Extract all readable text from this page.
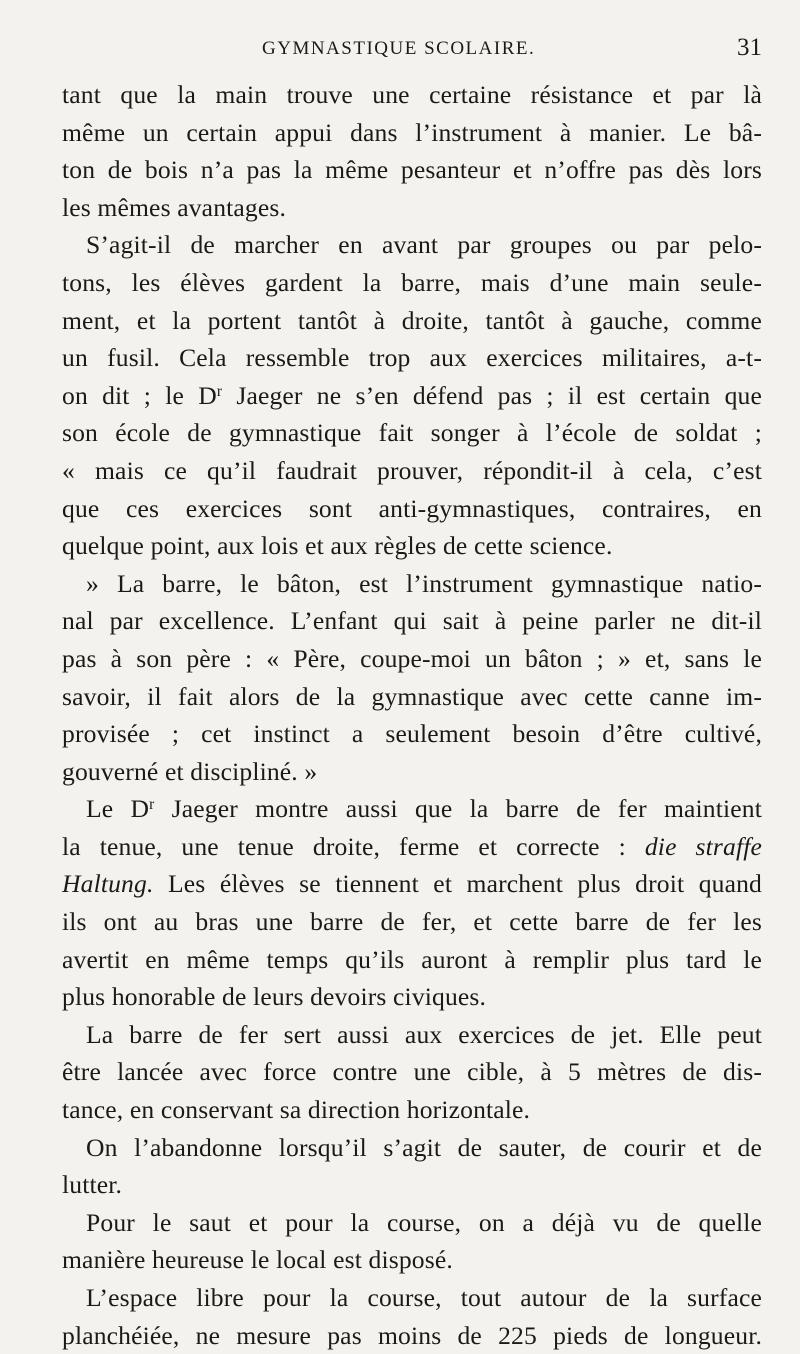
GYMNASTIQUE SCOLAIRE.	31
tant que la main trouve une certaine résistance et par là
même un certain appui dans l’instrument à manier. Le bâ-
ton de bois n’a pas la même pesanteur et n’offre pas dès lors
les mêmes avantages.
S’agit-il de marcher en avant par groupes ou par pelo-
tons, les élèves gardent la barre, mais d’une main seule-
ment, et la portent tantôt à droite, tantôt à gauche, comme
un fusil. Cela ressemble trop aux exercices militaires, a-t-
on dit ; le $D^r$ Jaeger ne s’en défend pas ; il est certain que
son école de gymnastique fait songer à l’école de soldat ;
« mais ce qu’il faudrait prouver, répondit-il à cela, c’est
que ces exercices sont anti-gymnastiques, contraires, en
quelque point, aux lois et aux règles de cette science.
» La barre, le bâton, est l’instrument gymnastique natio-
nal par excellence. L’enfant qui sait à peine parler ne dit-il
pas à son père : « Père, coupe-moi un bâton ; » et, sans le
savoir, il fait alors de la gymnastique avec cette canne im-
provisée ; cet instinct a seulement besoin d’être cultivé,
gouverné et discipliné. »
Le $D^r$ Jaeger montre aussi que la barre de fer maintient
la tenue, une tenue droite, ferme et correcte : die straffe
Haltung. Les élèves se tiennent et marchent plus droit quand
ils ont au bras une barre de fer, et cette barre de fer les
avertit en même temps qu’ils auront à remplir plus tard le
plus honorable de leurs devoirs civiques.
La barre de fer sert aussi aux exercices de jet. Elle peut
être lancée avec force contre une cible, à 5 mètres de dis-
tance, en conservant sa direction horizontale.
On l’abandonne lorsqu’il s’agit de sauter, de courir et de
lutter.
Pour le saut et pour la course, on a déjà vu de quelle
manière heureuse le local est disposé.
L’espace libre pour la course, tout autour de la surface
planchéiée, ne mesure pas moins de 225 pieds de longueur.
